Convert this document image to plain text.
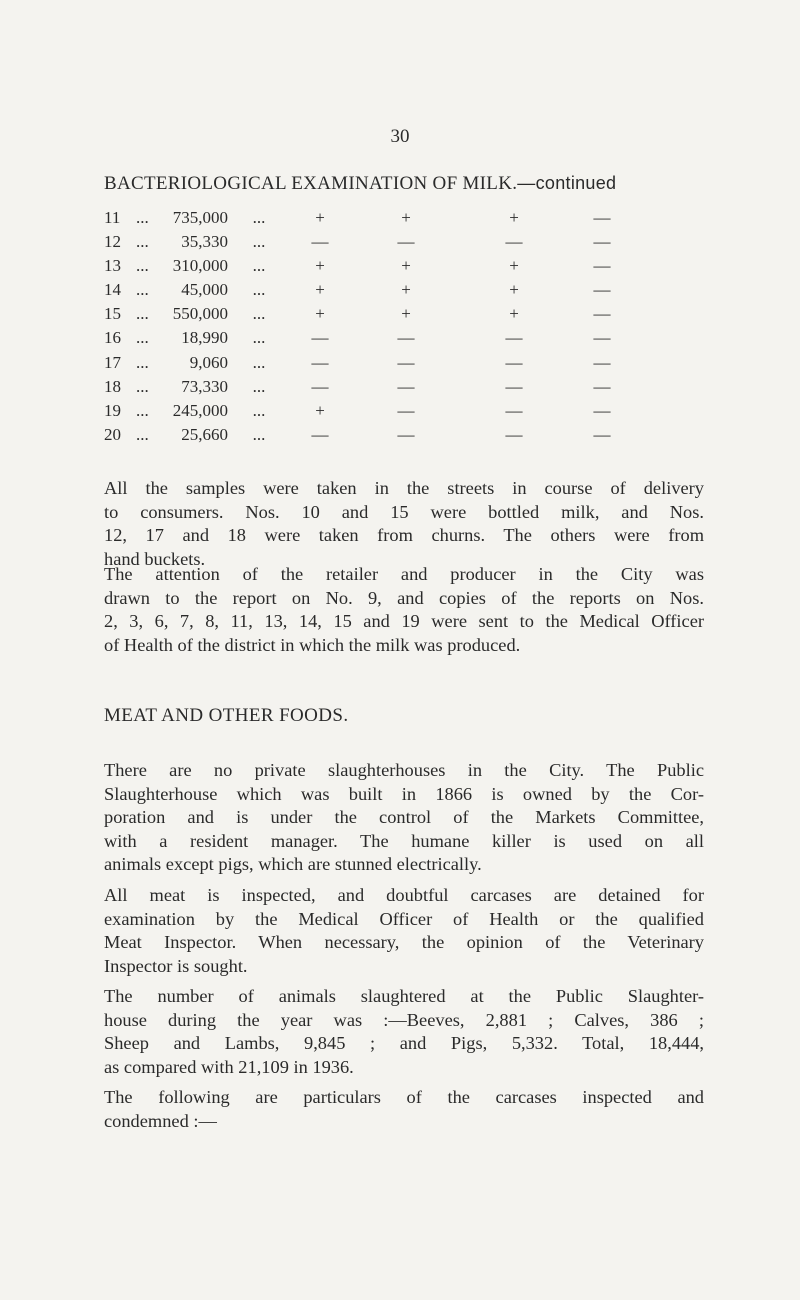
30
BACTERIOLOGICAL EXAMINATION OF MILK.—continued
11	...	735,000	...	+	+	+	—
12	...	35,330	...	—	—	—	—
13	...	310,000	...	+	+	+	—
14	...	45,000	...	+	+	+	—
15	...	550,000	...	+	+	+	—
16	...	18,990	...	—	—	—	—
17	...	9,060	...	—	—	—	—
18	...	73,330	...	—	—	—	—
19	...	245,000	...	+	—	—	—
20	...	25,660	...	—	—	—	—
All the samples were taken in the streets in course of delivery
to consumers. Nos. 10 and 15 were bottled milk, and Nos.
12, 17 and 18 were taken from churns. The others were from
hand buckets.
The attention of the retailer and producer in the City was
drawn to the report on No. 9, and copies of the reports on Nos.
2, 3, 6, 7, 8, 11, 13, 14, 15 and 19 were sent to the Medical Officer
of Health of the district in which the milk was produced.
MEAT AND OTHER FOODS.
There are no private slaughterhouses in the City. The Public
Slaughterhouse which was built in 1866 is owned by the Cor-
poration and is under the control of the Markets Committee,
with a resident manager. The humane killer is used on all
animals except pigs, which are stunned electrically.
All meat is inspected, and doubtful carcases are detained for
examination by the Medical Officer of Health or the qualified
Meat Inspector. When necessary, the opinion of the Veterinary
Inspector is sought.
The number of animals slaughtered at the Public Slaughter-
house during the year was :—Beeves, 2,881 ; Calves, 386 ;
Sheep and Lambs, 9,845 ; and Pigs, 5,332. Total, 18,444,
as compared with 21,109 in 1936.
The following are particulars of the carcases inspected and
condemned :—
